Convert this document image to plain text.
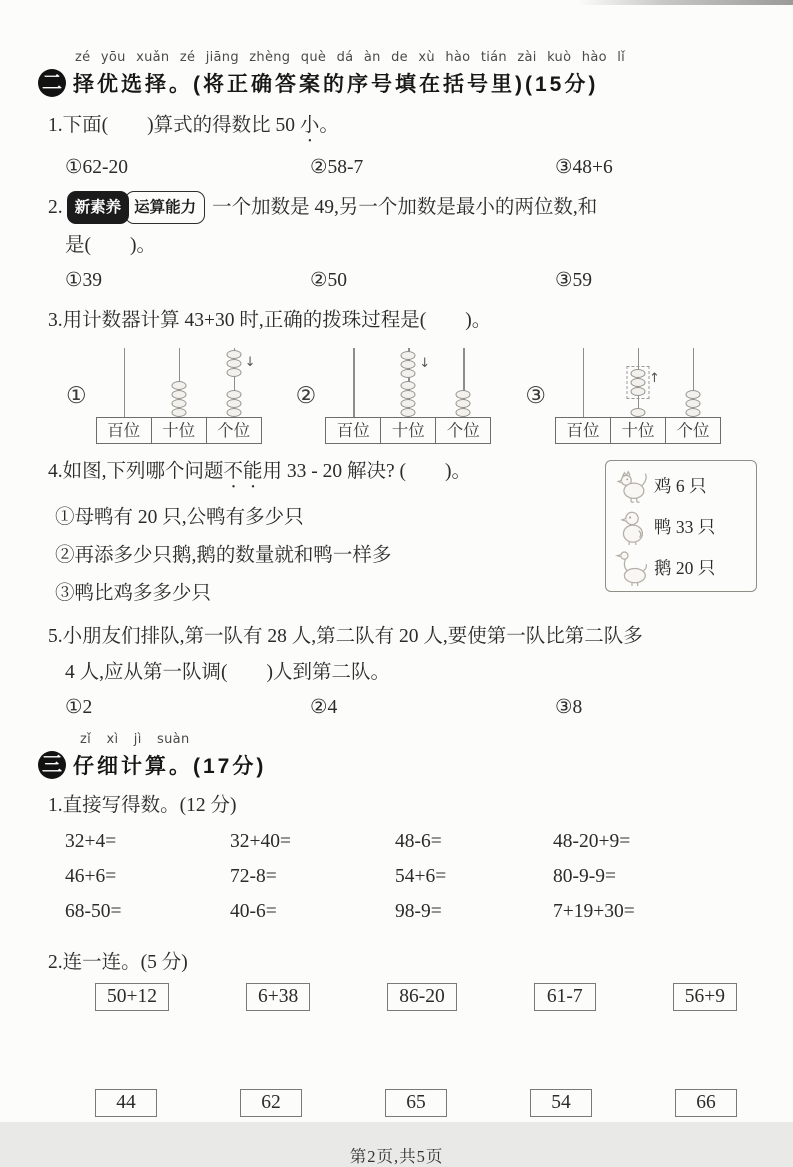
zé yōu xuǎn zé jiāng zhèng què dá àn de xù hào tián zài kuò hào lǐ
二 择优选择。(将正确答案的序号填在括号里)(15分)
1.下面(　　)算式的得数比 50 小。
①62-20	②58-7	③48+6
2. 新素养 运算能力 一个加数是 49,另一个加数是最小的两位数,和
是(　　)。
①39	②50	③59
3.用计数器计算 43+30 时,正确的拨珠过程是(　　)。
①
百位	十位
↓
个位
②
百位
↓
十位	个位
③
百位
↑
十位	个位
4.如图,下列哪个问题不能用 33 - 20 解决? (　　)。
①母鸭有 20 只,公鸭有多少只
②再添多少只鹅,鹅的数量就和鸭一样多
③鸭比鸡多多少只
鸡 6 只
鸭 33 只
鹅 20 只
5.小朋友们排队,第一队有 28 人,第二队有 20 人,要使第一队比第二队多
4 人,应从第一队调(　　)人到第二队。
①2	②4	③8
zǐ xì jì suàn
三 仔细计算。(17分)
1.直接写得数。(12 分)
32+4=	32+40=	48-6=	48-20+9=
46+6=	72-8=	54+6=	80-9-9=
68-50=	40-6=	98-9=	7+19+30=
2.连一连。(5 分)
50+12	6+38	86-20	61-7	56+9
44	62	65	54	66
第2页,共5页
